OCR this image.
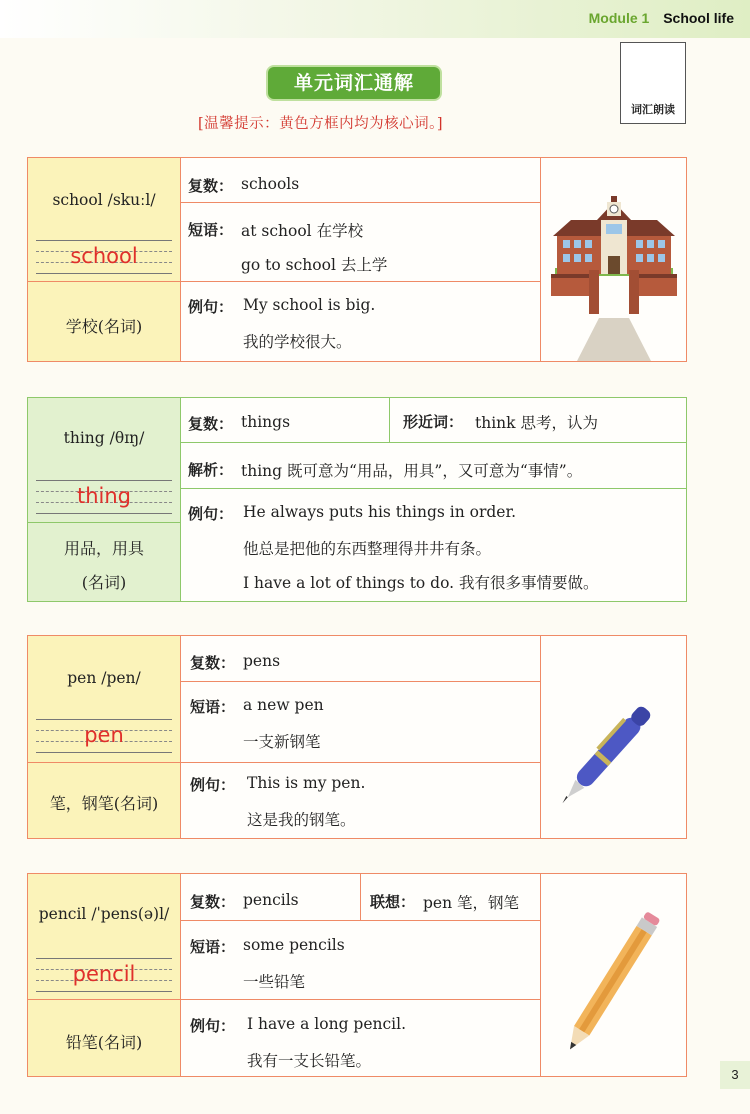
Module 1 School life
词汇朗读
单元词汇通解
[温馨提示：黄色方框内均为核心词。]
school /skuːl/
school
学校(名词)
复数： schools
短语： at school 在学校
go to school 去上学
例句： My school is big.
我的学校很大。
thing /θɪŋ/
thing
用品，用具
(名词)
复数： things	形近词： think 思考，认为
解析： thing 既可意为“用品，用具”，又可意为“事情”。
例句： He always puts his things in order.
他总是把他的东西整理得井井有条。
I have a lot of things to do. 我有很多事情要做。
pen /pen/
pen
笔，钢笔(名词)
复数： pens
短语： a new pen
一支新钢笔
例句： This is my pen.
这是我的钢笔。
pencil /ˈpens(ə)l/
pencil
铅笔(名词)
复数： pencils	联想： pen 笔，钢笔
短语： some pencils
一些铅笔
例句： I have a long pencil.
我有一支长铅笔。
3
